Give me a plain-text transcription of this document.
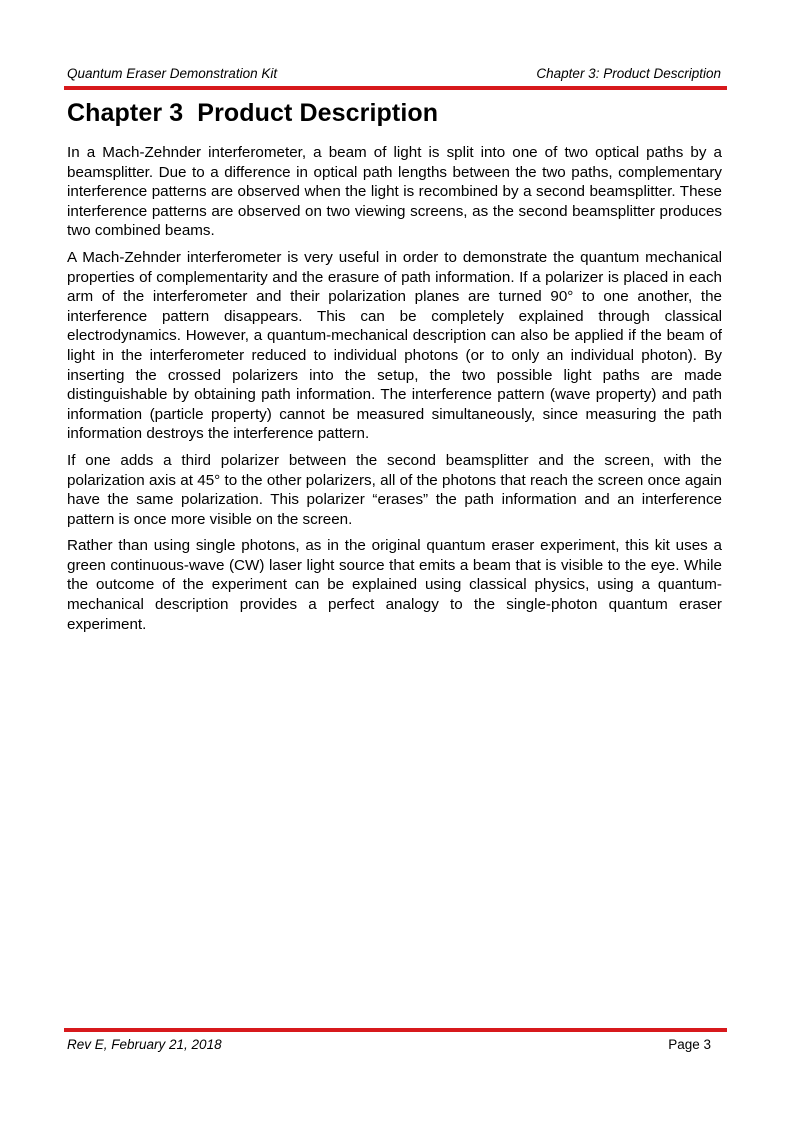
Quantum Eraser Demonstration Kit	Chapter 3: Product Description
Chapter 3  Product Description

In a Mach-Zehnder interferometer, a beam of light is split into one of two optical paths by a beamsplitter. Due to a difference in optical path lengths between the two paths, complementary interference patterns are observed when the light is recombined by a second beamsplitter. These interference patterns are observed on two viewing screens, as the second beamsplitter produces two combined beams.

A Mach-Zehnder interferometer is very useful in order to demonstrate the quantum mechanical properties of complementarity and the erasure of path information. If a polarizer is placed in each arm of the interferometer and their polarization planes are turned 90° to one another, the interference pattern disappears. This can be completely explained through classical electrodynamics. However, a quantum-mechanical description can also be applied if the beam of light in the interferometer reduced to individual photons (or to only an individual photon). By inserting the crossed polarizers into the setup, the two possible light paths are made distinguishable by obtaining path information. The interference pattern (wave property) and path information (particle property) cannot be measured simultaneously, since measuring the path information destroys the interference pattern.

If one adds a third polarizer between the second beamsplitter and the screen, with the polarization axis at 45° to the other polarizers, all of the photons that reach the screen once again have the same polarization. This polarizer “erases” the path information and an interference pattern is once more visible on the screen.

Rather than using single photons, as in the original quantum eraser experiment, this kit uses a green continuous-wave (CW) laser light source that emits a beam that is visible to the eye. While the outcome of the experiment can be explained using classical physics, using a quantum-mechanical description provides a perfect analogy to the single-photon quantum eraser experiment.

Rev E, February 21, 2018	Page 3
